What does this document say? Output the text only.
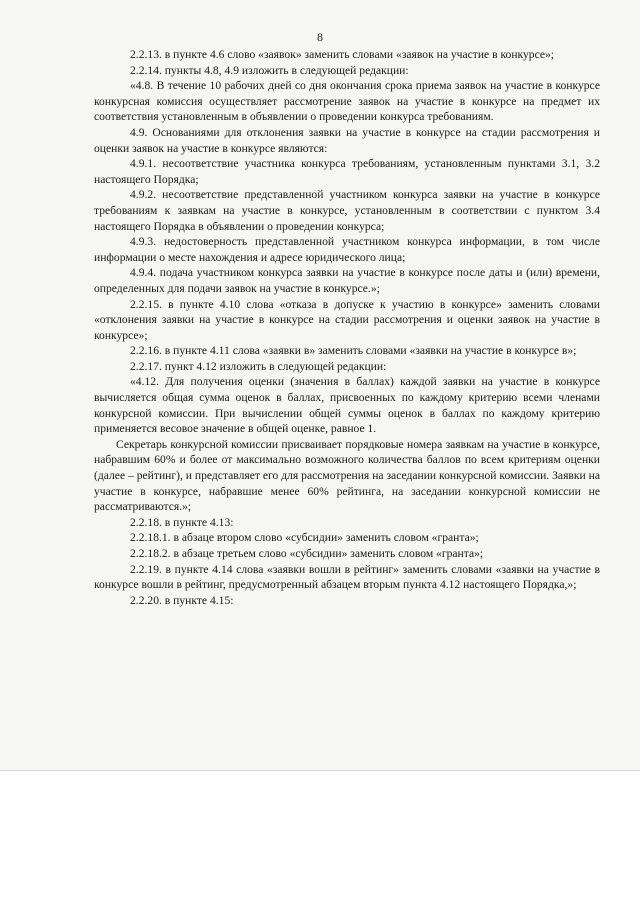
8

2.2.13. в пункте 4.6 слово «заявок» заменить словами «заявок на участие в конкурсе»;

2.2.14. пункты 4.8, 4.9 изложить в следующей редакции:

«4.8. В течение 10 рабочих дней со дня окончания срока приема заявок на участие в конкурсе конкурсная комиссия осуществляет рассмотрение заявок на участие в конкурсе на предмет их соответствия установленным в объявлении о проведении конкурса требованиям.

4.9. Основаниями для отклонения заявки на участие в конкурсе на стадии рассмотрения и оценки заявок на участие в конкурсе являются:

4.9.1. несоответствие участника конкурса требованиям, установленным пунктами 3.1, 3.2 настоящего Порядка;

4.9.2. несоответствие представленной участником конкурса заявки на участие в конкурсе требованиям к заявкам на участие в конкурсе, установленным в соответствии с пунктом 3.4 настоящего Порядка в объявлении о проведении конкурса;

4.9.3. недостоверность представленной участником конкурса информации, в том числе информации о месте нахождения и адресе юридического лица;

4.9.4. подача участником конкурса заявки на участие в конкурсе после даты и (или) времени, определенных для подачи заявок на участие в конкурсе.»;

2.2.15. в пункте 4.10 слова «отказа в допуске к участию в конкурсе» заменить словами «отклонения заявки на участие в конкурсе на стадии рассмотрения и оценки заявок на участие в конкурсе»;

2.2.16. в пункте 4.11 слова «заявки в» заменить словами «заявки на участие в конкурсе в»;

2.2.17. пункт 4.12 изложить в следующей редакции:

«4.12. Для получения оценки (значения в баллах) каждой заявки на участие в конкурсе вычисляется общая сумма оценок в баллах, присвоенных по каждому критерию всеми членами конкурсной комиссии. При вычислении общей суммы оценок в баллах по каждому критерию применяется весовое значение в общей оценке, равное 1.

Секретарь конкурсной комиссии присваивает порядковые номера заявкам на участие в конкурсе, набравшим 60% и более от максимально возможного количества баллов по всем критериям оценки (далее – рейтинг), и представляет его для рассмотрения на заседании конкурсной комиссии. Заявки на участие в конкурсе, набравшие менее 60% рейтинга, на заседании конкурсной комиссии не рассматриваются.»;

2.2.18. в пункте 4.13:

2.2.18.1. в абзаце втором слово «субсидии» заменить словом «гранта»;

2.2.18.2. в абзаце третьем слово «субсидии» заменить словом «гранта»;

2.2.19. в пункте 4.14 слова «заявки вошли в рейтинг» заменить словами «заявки на участие в конкурсе вошли в рейтинг, предусмотренный абзацем вторым пункта 4.12 настоящего Порядка,»;

2.2.20. в пункте 4.15:
